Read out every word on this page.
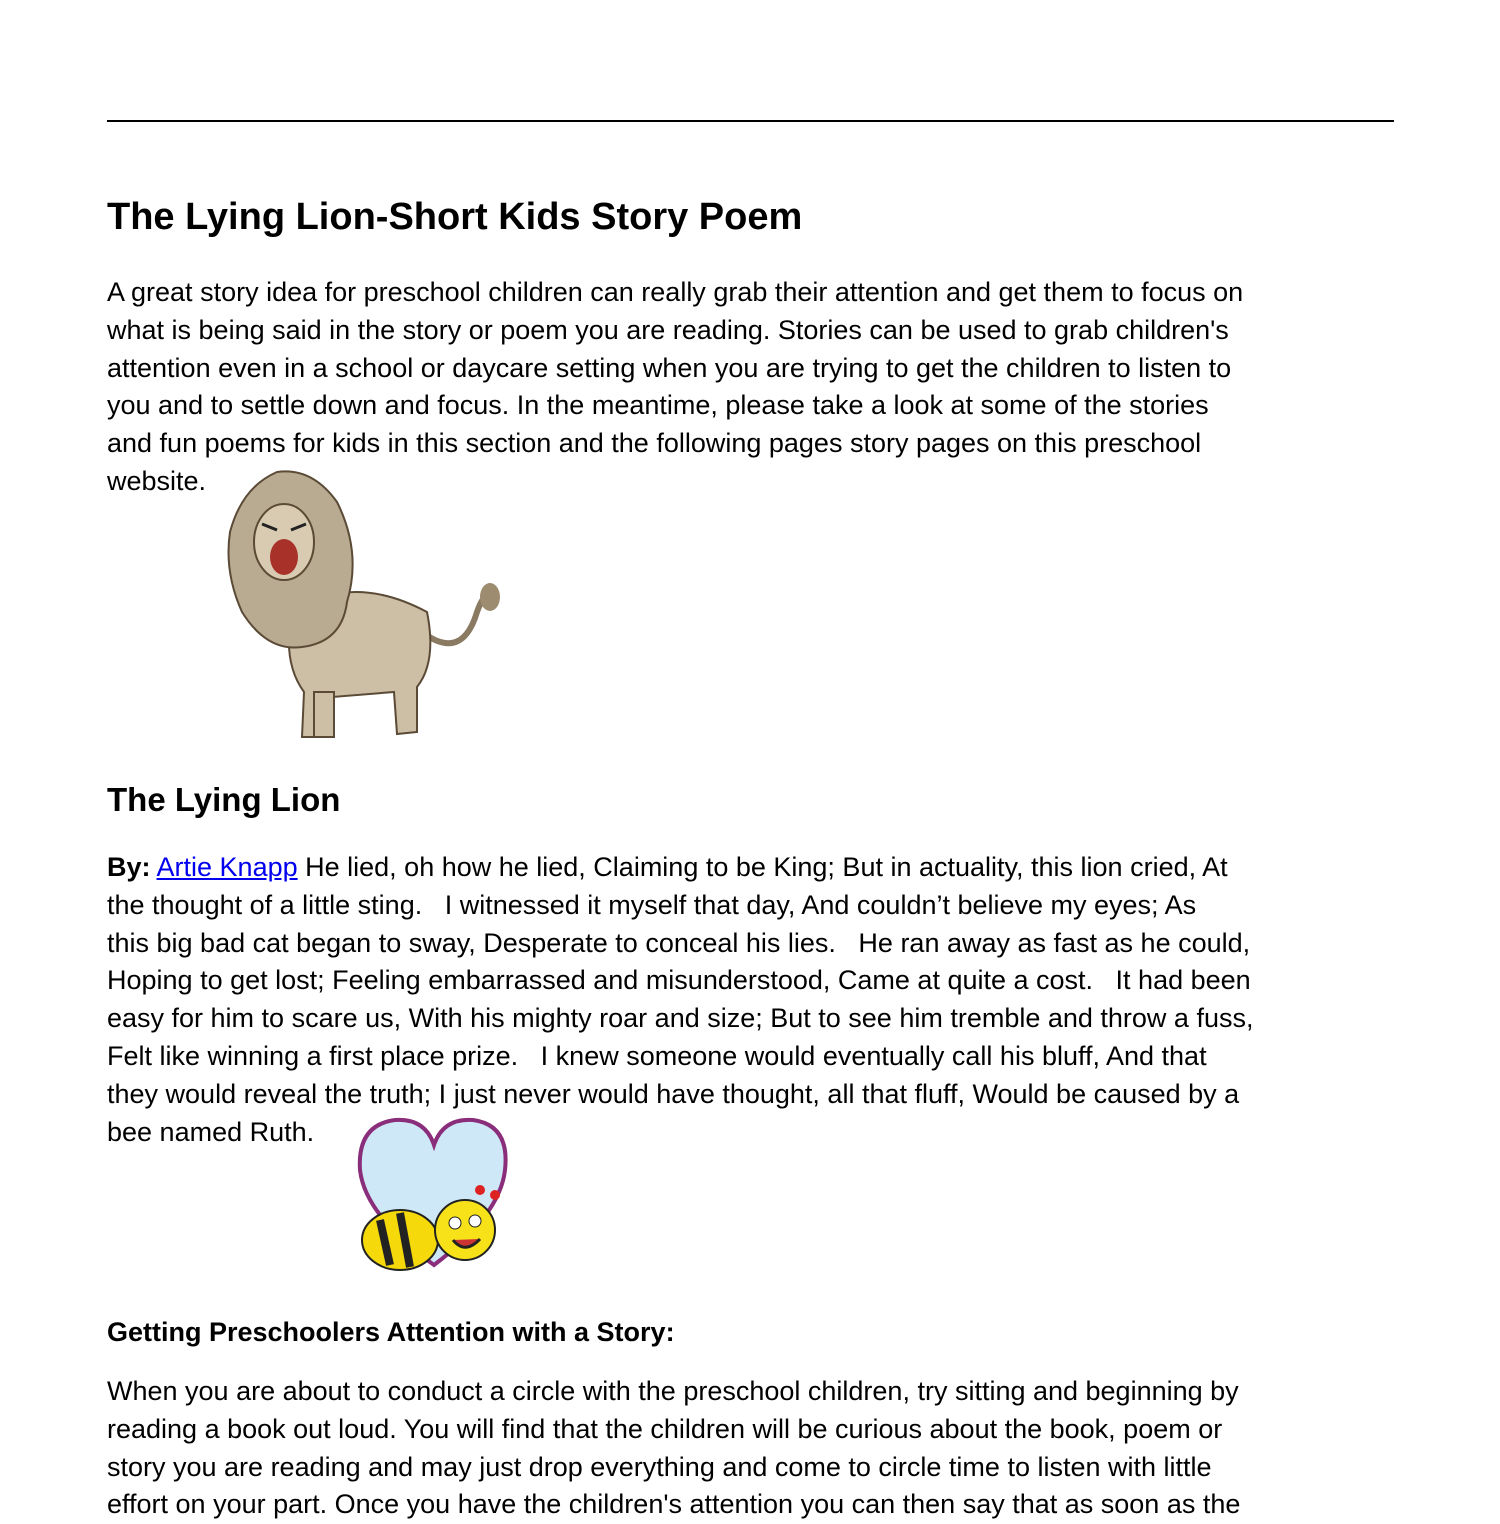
The Lying Lion-Short Kids Story Poem
A great story idea for preschool children can really grab their attention and get them to focus on
what is being said in the story or poem you are reading. Stories can be used to grab children's
attention even in a school or daycare setting when you are trying to get the children to listen to
you and to settle down and focus. In the meantime, please take a look at some of the stories
and fun poems for kids in this section and the following pages story pages on this preschool
website.
The Lying Lion
By: Artie Knapp He lied, oh how he lied, Claiming to be King; But in actuality, this lion cried, At
the thought of a little sting.   I witnessed it myself that day, And couldn’t believe my eyes; As
this big bad cat began to sway, Desperate to conceal his lies.   He ran away as fast as he could,
Hoping to get lost; Feeling embarrassed and misunderstood, Came at quite a cost.   It had been
easy for him to scare us, With his mighty roar and size; But to see him tremble and throw a fuss,
Felt like winning a first place prize.   I knew someone would eventually call his bluff, And that
they would reveal the truth; I just never would have thought, all that fluff, Would be caused by a
bee named Ruth.
Getting Preschoolers Attention with a Story:
When you are about to conduct a circle with the preschool children, try sitting and beginning by
reading a book out loud. You will find that the children will be curious about the book, poem or
story you are reading and may just drop everything and come to circle time to listen with little
effort on your part. Once you have the children's attention you can then say that as soon as the
